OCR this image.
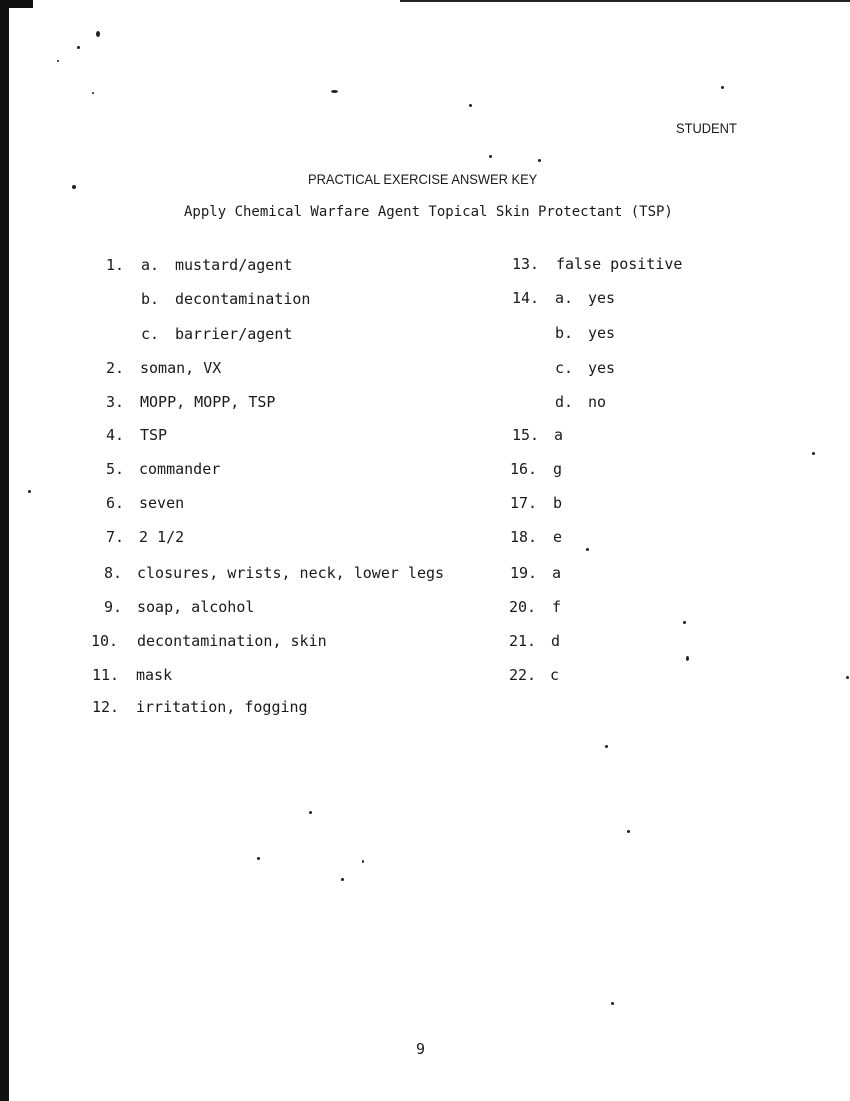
STUDENT
PRACTICAL EXERCISE ANSWER KEY
Apply Chemical Warfare Agent Topical Skin Protectant (TSP)
1. a. mustard/agent
b. decontamination
c. barrier/agent
2. soman, VX
3. MOPP, MOPP, TSP
4. TSP
5. commander
6. seven
7. 2 1/2
8. closures, wrists, neck, lower legs
9. soap, alcohol
10. decontamination, skin
11. mask
12. irritation, fogging
13. false positive
14. a. yes
b. yes
c. yes
d. no
15. a
16. g
17. b
18. e
19. a
20. f
21. d
22. c
9
